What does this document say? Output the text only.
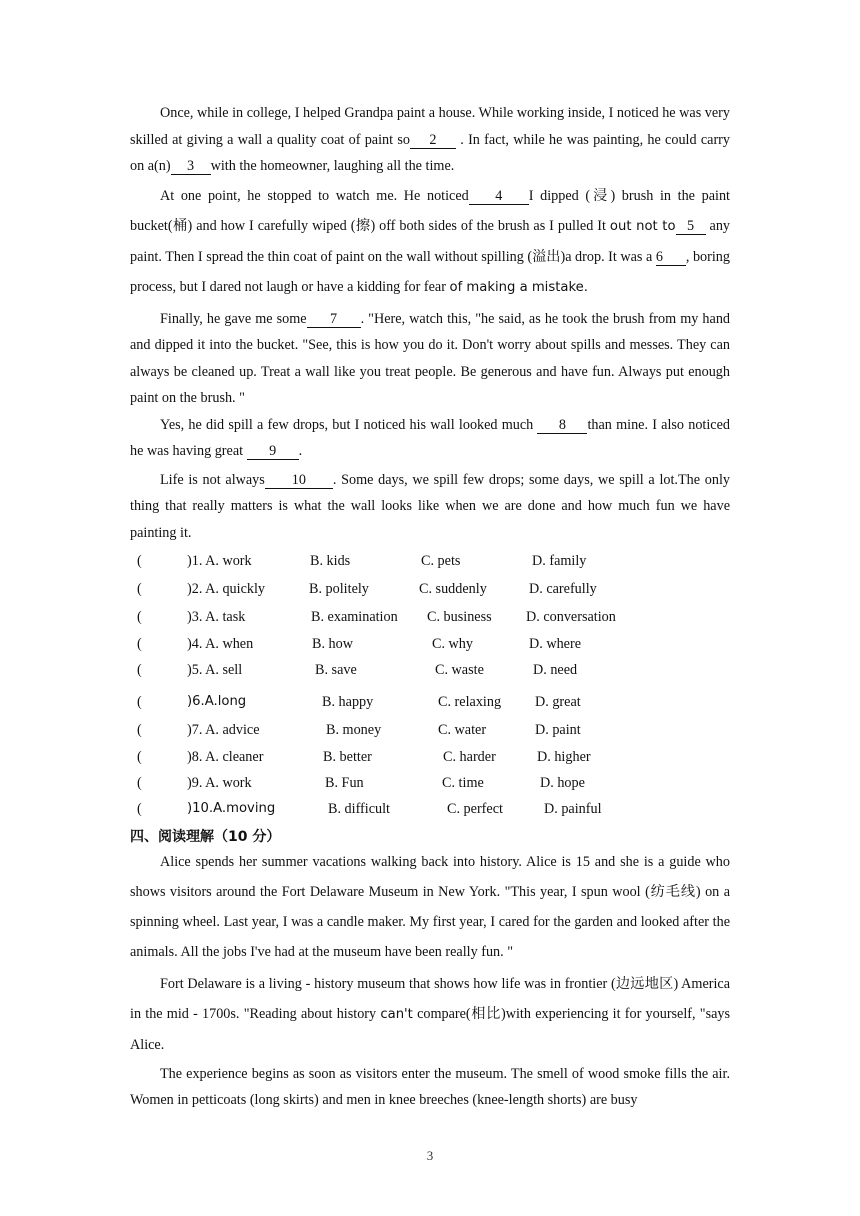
Once, while in college, I helped Grandpa paint a house. While working inside, I noticed he was very skilled at giving a wall a quality coat of paint so 2 . In fact, while he was painting, he could carry on a(n) 3 with the homeowner, laughing all the time.

At one point, he stopped to watch me. He noticed 4 I dipped (浸) brush in the paint bucket(桶) and how I carefully wiped (擦) off both sides of the brush as I pulled It out not to 5 any paint. Then I spread the thin coat of paint on the wall without spilling (溢出)a drop. It was a 6 , boring process, but I dared not laugh or have a kidding for fear of making a mistake.

Finally, he gave me some 7 . "Here, watch this, "he said, as he took the brush from my hand and dipped it into the bucket. "See, this is how you do it. Don't worry about spills and messes. They can always be cleaned up. Treat a wall like you treat people. Be generous and have fun. Always put enough paint on the brush. "

Yes, he did spill a few drops, but I noticed his wall looked much 8 than mine. I also noticed he was having great 9 .

Life is not always 10 . Some days, we spill few drops; some days, we spill a lot.The only thing that really matters is what the wall looks like when we are done and how much fun we have painting it.

(	)1. A. work	B. kids	C. pets	D. family
(	)2. A. quickly	B. politely	C. suddenly	D. carefully
(	)3. A. task	B. examination C. business D. conversation
(	)4. A. when	B. how	C. why	D. where
(	)5. A. sell	B. save	C. waste	D. need
(	)6.A.long	B. happy	C. relaxing D. great
(	)7. A. advice	B. money	C. water	D. paint
(	)8. A. cleaner	B. better	C. harder	D. higher
(	)9. A. work	B. Fun	C. time	D. hope
(	)10.A.moving	B. difficult	C. perfect	D. painful
四、阅读理解（10 分）

Alice spends her summer vacations walking back into history. Alice is 15 and she is a guide who shows visitors around the Fort Delaware Museum in New York. "This year, I spun wool (纺毛线) on a spinning wheel. Last year, I was a candle maker. My first year, I cared for the garden and looked after the animals. All the jobs I've had at the museum have been really fun. "

Fort Delaware is a living - history museum that shows how life was in frontier (边远地区) America in the mid - 1700s. "Reading about history can't compare(相比)with experiencing it for yourself, "says Alice.

The experience begins as soon as visitors enter the museum. The smell of wood smoke fills the air. Women in petticoats (long skirts) and men in knee breeches (knee-length shorts) are busy

3
